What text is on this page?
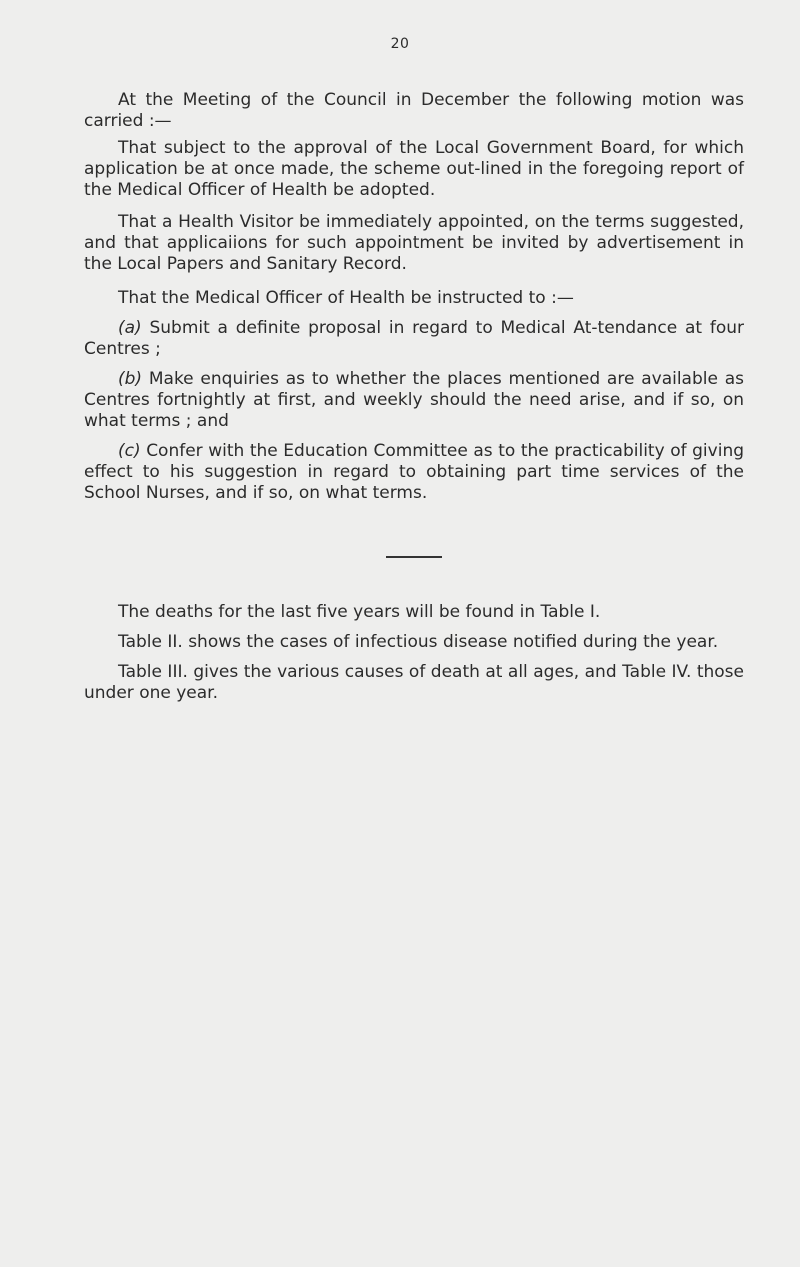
20

At the Meeting of the Council in December the following motion was carried :—

That subject to the approval of the Local Government Board, for which application be at once made, the scheme out-lined in the foregoing report of the Medical Officer of Health be adopted.

That a Health Visitor be immediately appointed, on the terms suggested, and that applicaiions for such appointment be invited by advertisement in the Local Papers and Sanitary Record.

That the Medical Officer of Health be instructed to :—

(a) Submit a definite proposal in regard to Medical At-tendance at four Centres ;

(b) Make enquiries as to whether the places mentioned are available as Centres fortnightly at first, and weekly should the need arise, and if so, on what terms ; and

(c) Confer with the Education Committee as to the practicability of giving effect to his suggestion in regard to obtaining part time services of the School Nurses, and if so, on what terms.

The deaths for the last five years will be found in Table I.

Table II. shows the cases of infectious disease notified during the year.

Table III. gives the various causes of death at all ages, and Table IV. those under one year.
